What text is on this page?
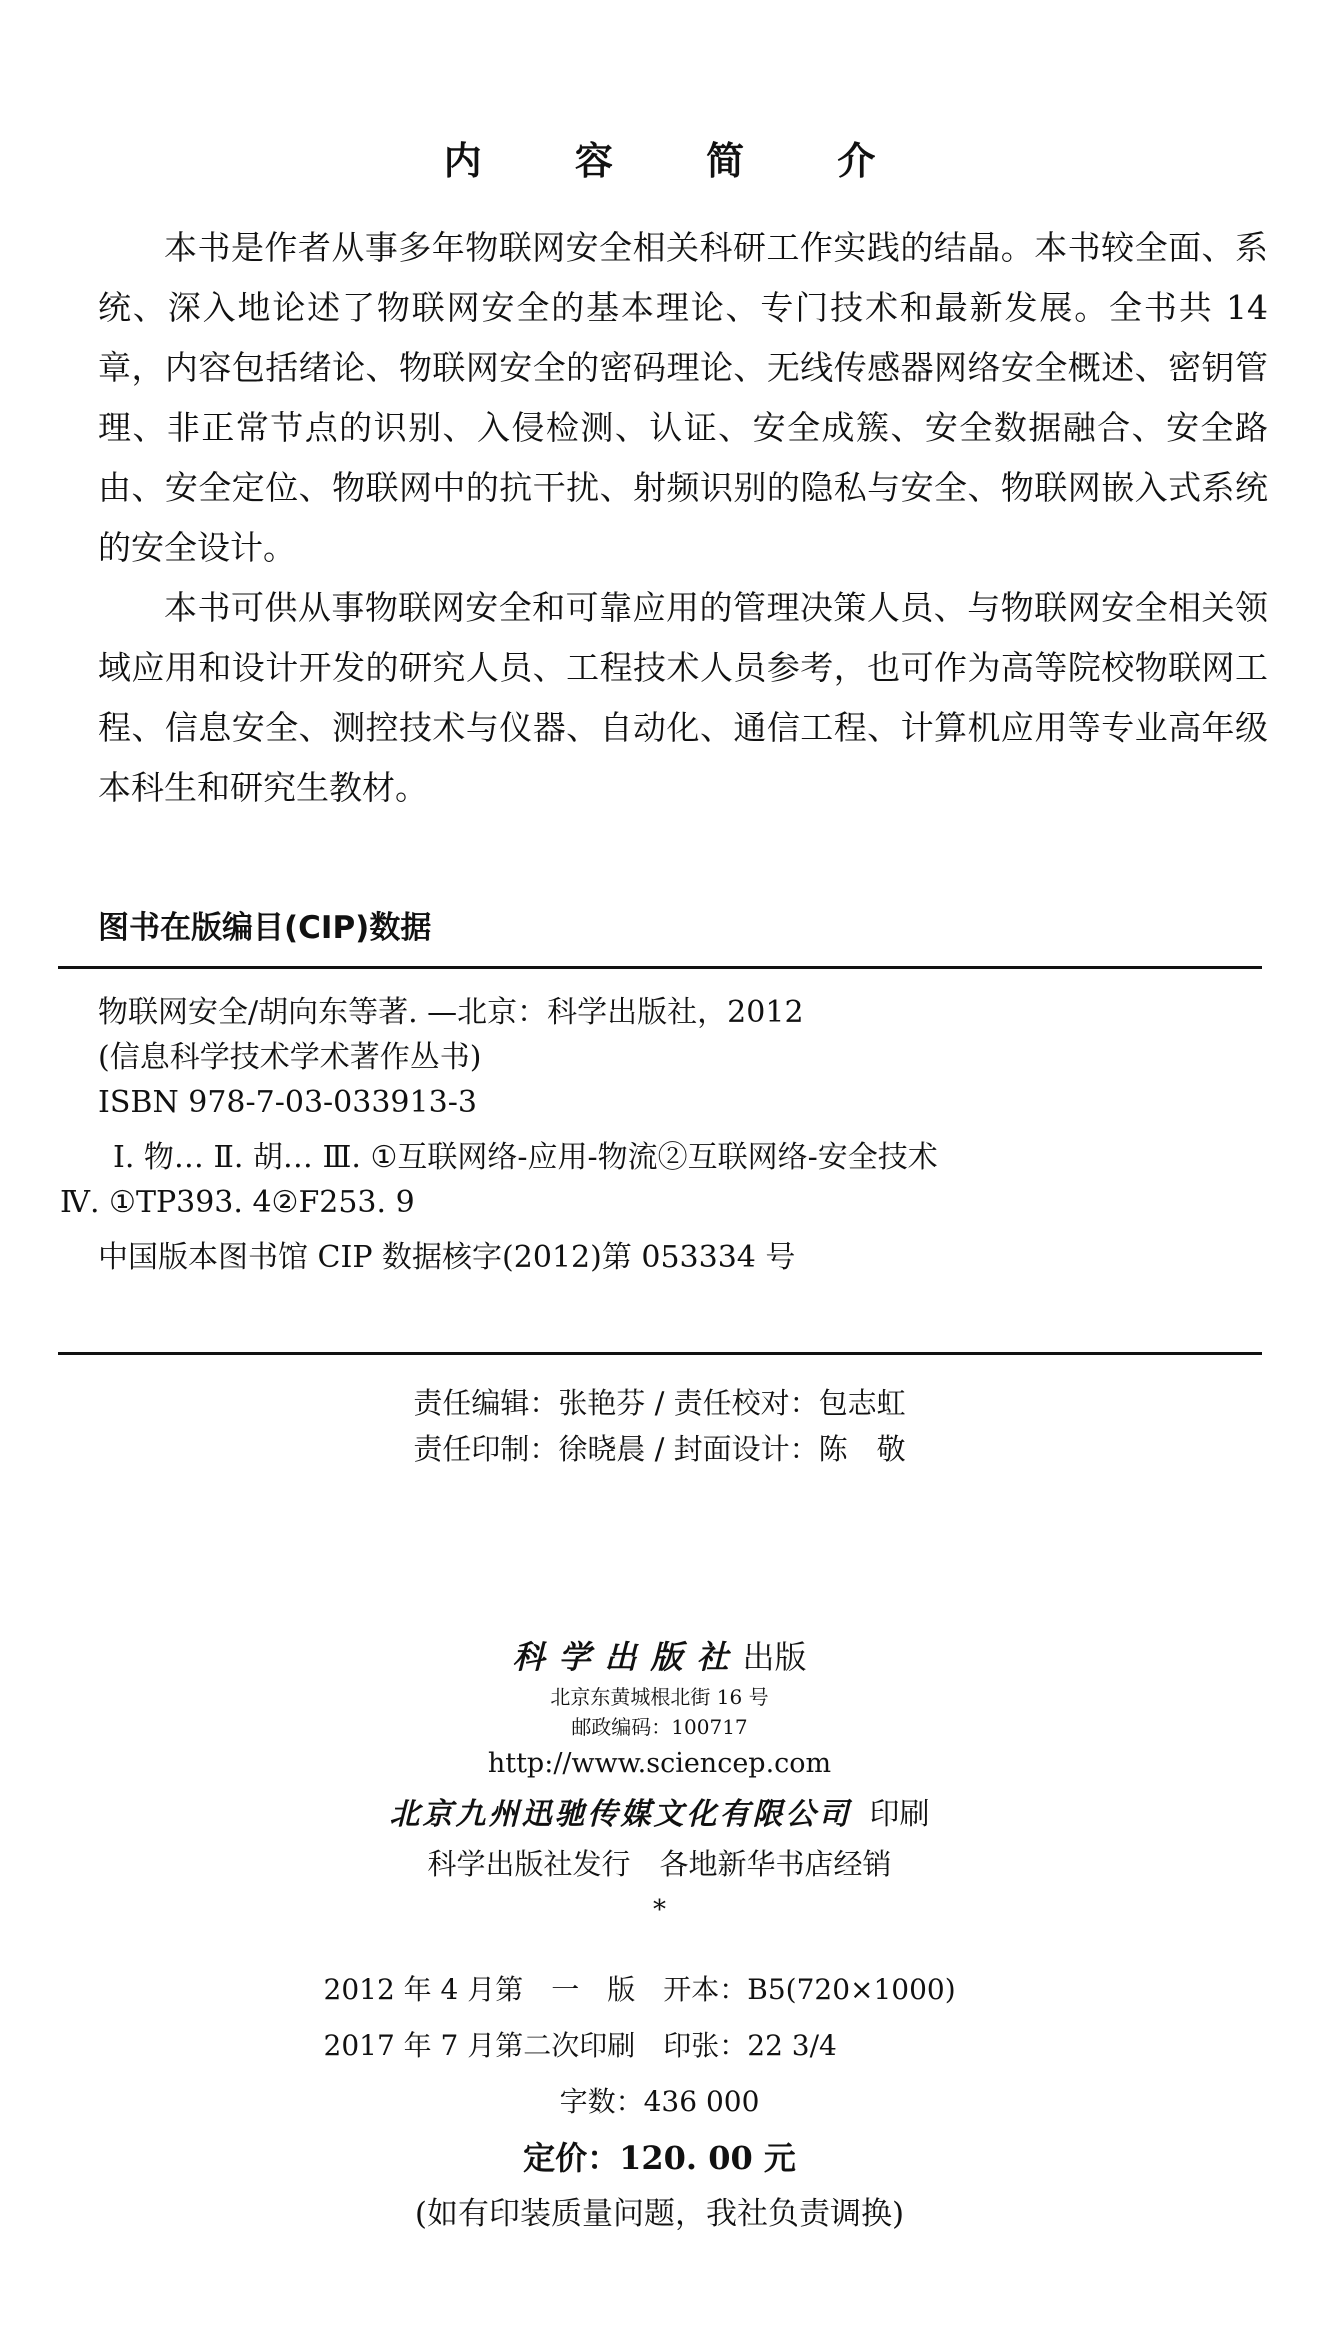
内 容 简 介

本书是作者从事多年物联网安全相关科研工作实践的结晶。本书较全面、系统、深入地论述了物联网安全的基本理论、专门技术和最新发展。全书共 14 章，内容包括绪论、物联网安全的密码理论、无线传感器网络安全概述、密钥管理、非正常节点的识别、入侵检测、认证、安全成簇、安全数据融合、安全路由、安全定位、物联网中的抗干扰、射频识别的隐私与安全、物联网嵌入式系统的安全设计。

本书可供从事物联网安全和可靠应用的管理决策人员、与物联网安全相关领域应用和设计开发的研究人员、工程技术人员参考，也可作为高等院校物联网工程、信息安全、测控技术与仪器、自动化、通信工程、计算机应用等专业高年级本科生和研究生教材。

图书在版编目(CIP)数据
物联网安全/胡向东等著. —北京：科学出版社，2012
(信息科学技术学术著作丛书)
ISBN 978-7-03-033913-3
Ⅰ. 物… Ⅱ. 胡… Ⅲ. ①互联网络-应用-物流②互联网络-安全技术
Ⅳ. ①TP393. 4②F253. 9
中国版本图书馆 CIP 数据核字(2012)第 053334 号
责任编辑：张艳芬 / 责任校对：包志虹
责任印制：徐晓晨 / 封面设计：陈　敬
科学出版社出版
北京东黄城根北街 16 号
邮政编码：100717
http://www.sciencep.com
北京九州迅驰传媒文化有限公司 印刷
科学出版社发行　各地新华书店经销
*
2012 年 4 月第　一　版　开本：B5(720×1000)
2017 年 7 月第二次印刷　印张：22 3/4
字数：436 000
定价：120. 00 元
(如有印装质量问题，我社负责调换)
